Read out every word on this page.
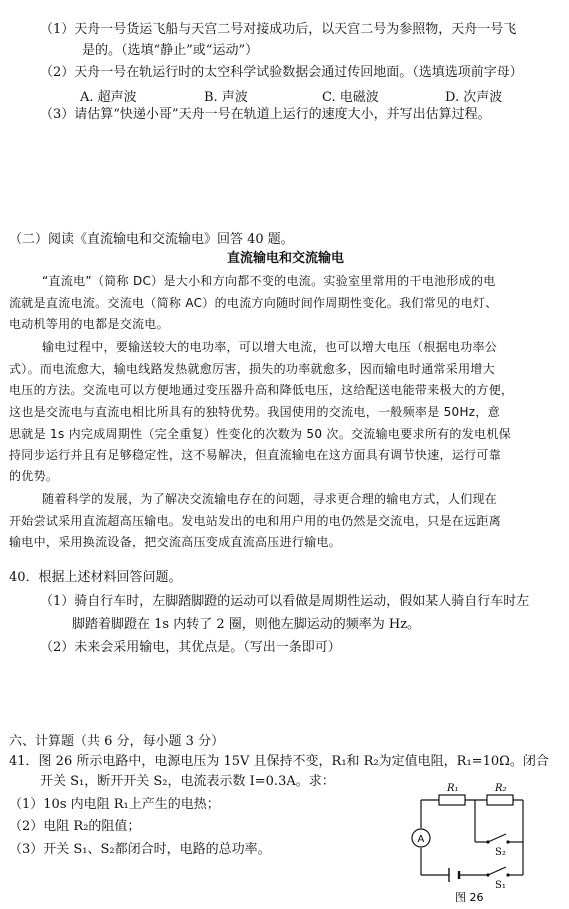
（1）天舟一号货运飞船与天宫二号对接成功后，以天宫二号为参照物，天舟一号飞
是的。（选填“静止”或“运动”）
（2）天舟一号在轨运行时的太空科学试验数据会通过传回地面。（选填选项前字母）
A. 超声波	B. 声波	C. 电磁波	D. 次声波
（3）请估算“快递小哥”天舟一号在轨道上运行的速度大小，并写出估算过程。
（二）阅读《直流输电和交流输电》回答 40 题。
直流输电和交流输电
“直流电”（简称 DC）是大小和方向都不变的电流。实验室里常用的干电池形成的电
流就是直流电流。交流电（简称 AC）的电流方向随时间作周期性变化。我们常见的电灯、
电动机等用的电都是交流电。
输电过程中，要输送较大的电功率，可以增大电流，也可以增大电压（根据电功率公
式）。而电流愈大，输电线路发热就愈厉害，损失的功率就愈多，因而输电时通常采用增大
电压的方法。交流电可以方便地通过变压器升高和降低电压，这给配送电能带来极大的方便，
这也是交流电与直流电相比所具有的独特优势。我国使用的交流电，一般频率是 50Hz，意
思就是 1s 内完成周期性（完全重复）性变化的次数为 50 次。交流输电要求所有的发电机保
持同步运行并且有足够稳定性，这不易解决，但直流输电在这方面具有调节快速，运行可靠
的优势。
随着科学的发展，为了解决交流输电存在的问题，寻求更合理的输电方式，人们现在
开始尝试采用直流超高压输电。发电站发出的电和用户用的电仍然是交流电，只是在远距离
输电中，采用换流设备，把交流高压变成直流高压进行输电。
40．根据上述材料回答问题。
（1）骑自行车时，左脚踏脚蹬的运动可以看做是周期性运动，假如某人骑自行车时左
脚踏着脚蹬在 1s 内转了 2 圈，则他左脚运动的频率为 Hz。
（2）未来会采用输电，其优点是。（写出一条即可）
六、计算题（共 6 分，每小题 3 分）
41．图 26 所示电路中，电源电压为 15V 且保持不变，R₁和 R₂为定值电阻，R₁=10Ω。闭合
开关 S₁，断开开关 S₂，电流表示数 I=0.3A。求：
（1）10s 内电阻 R₁上产生的电热；
（2）电阻 R₂的阻值；
（3）开关 S₁、S₂都闭合时，电路的总功率。
R₁	R₂
A
S₂
S₁
图 26
